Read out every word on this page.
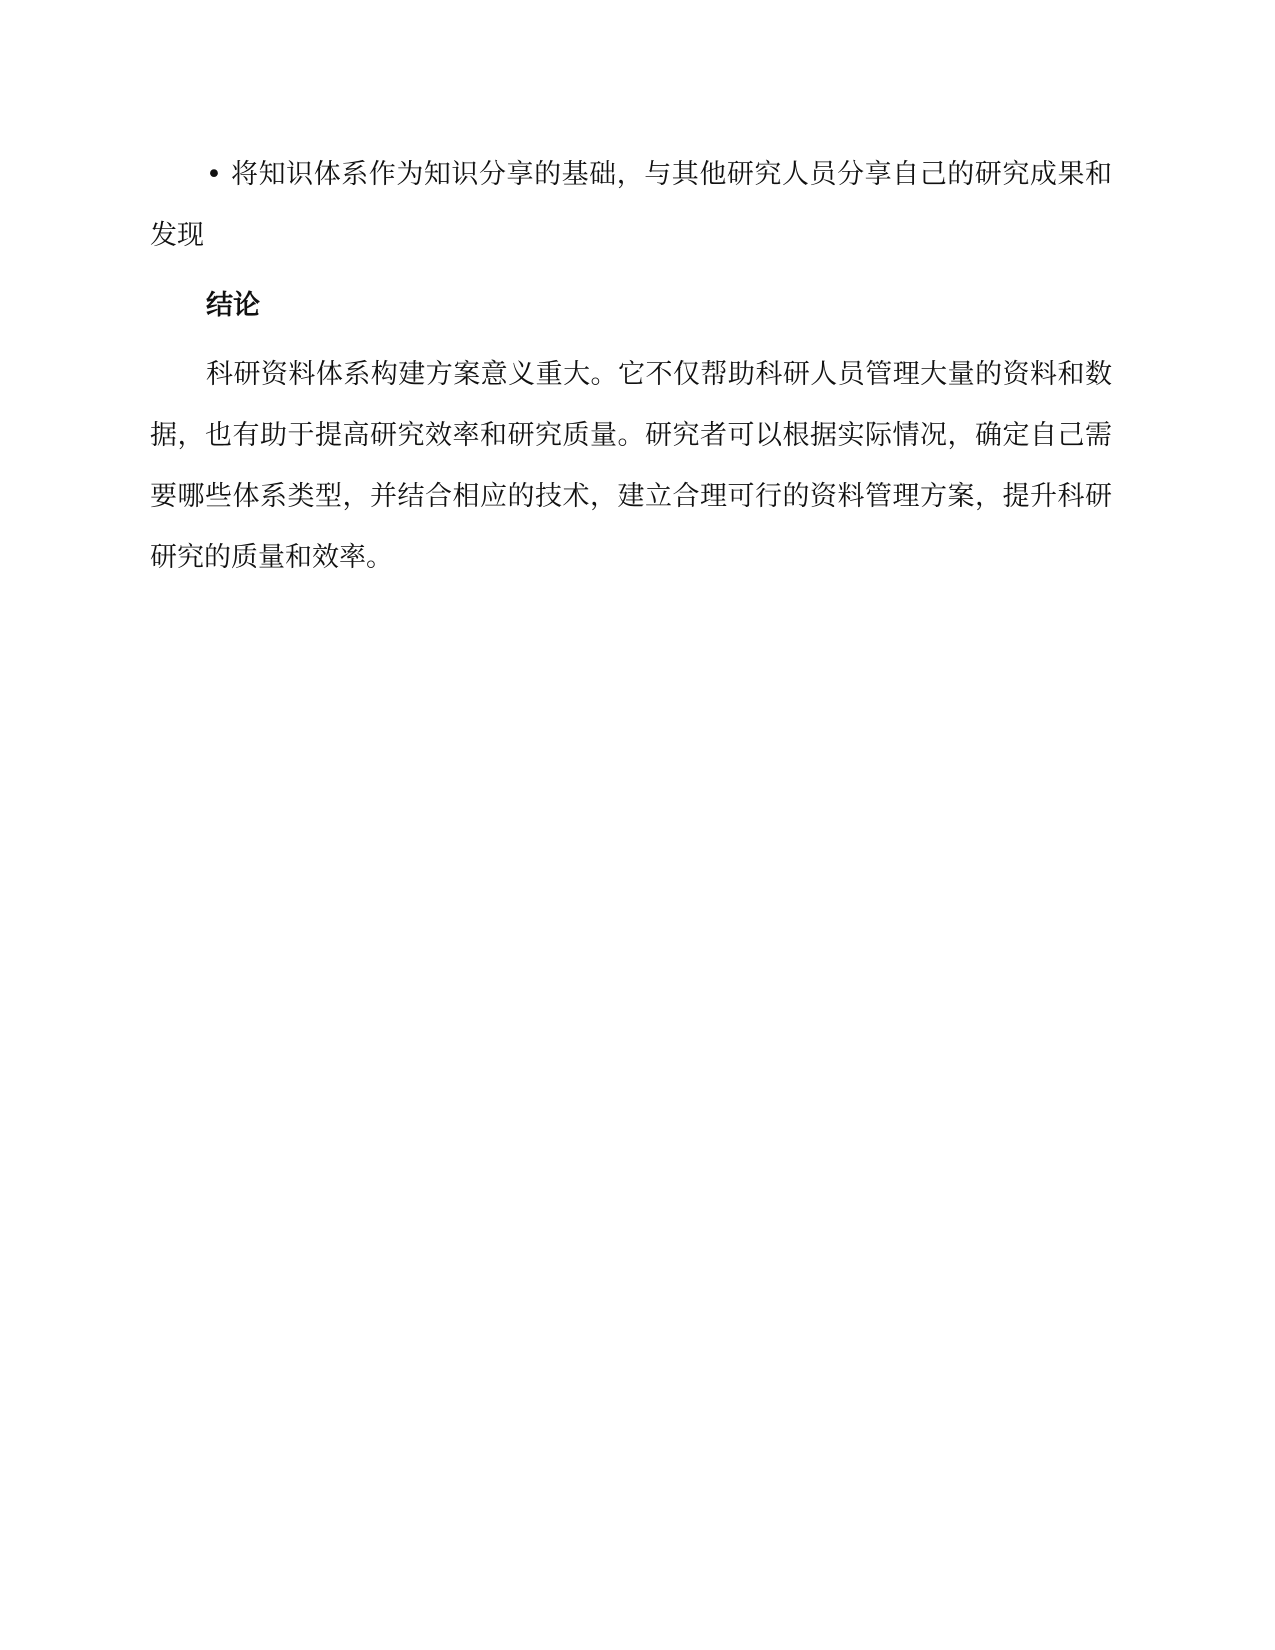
• 将知识体系作为知识分享的基础，与其他研究人员分享自己的研究成果和发现

结论

科研资料体系构建方案意义重大。它不仅帮助科研人员管理大量的资料和数据，也有助于提高研究效率和研究质量。研究者可以根据实际情况，确定自己需要哪些体系类型，并结合相应的技术，建立合理可行的资料管理方案，提升科研研究的质量和效率。
